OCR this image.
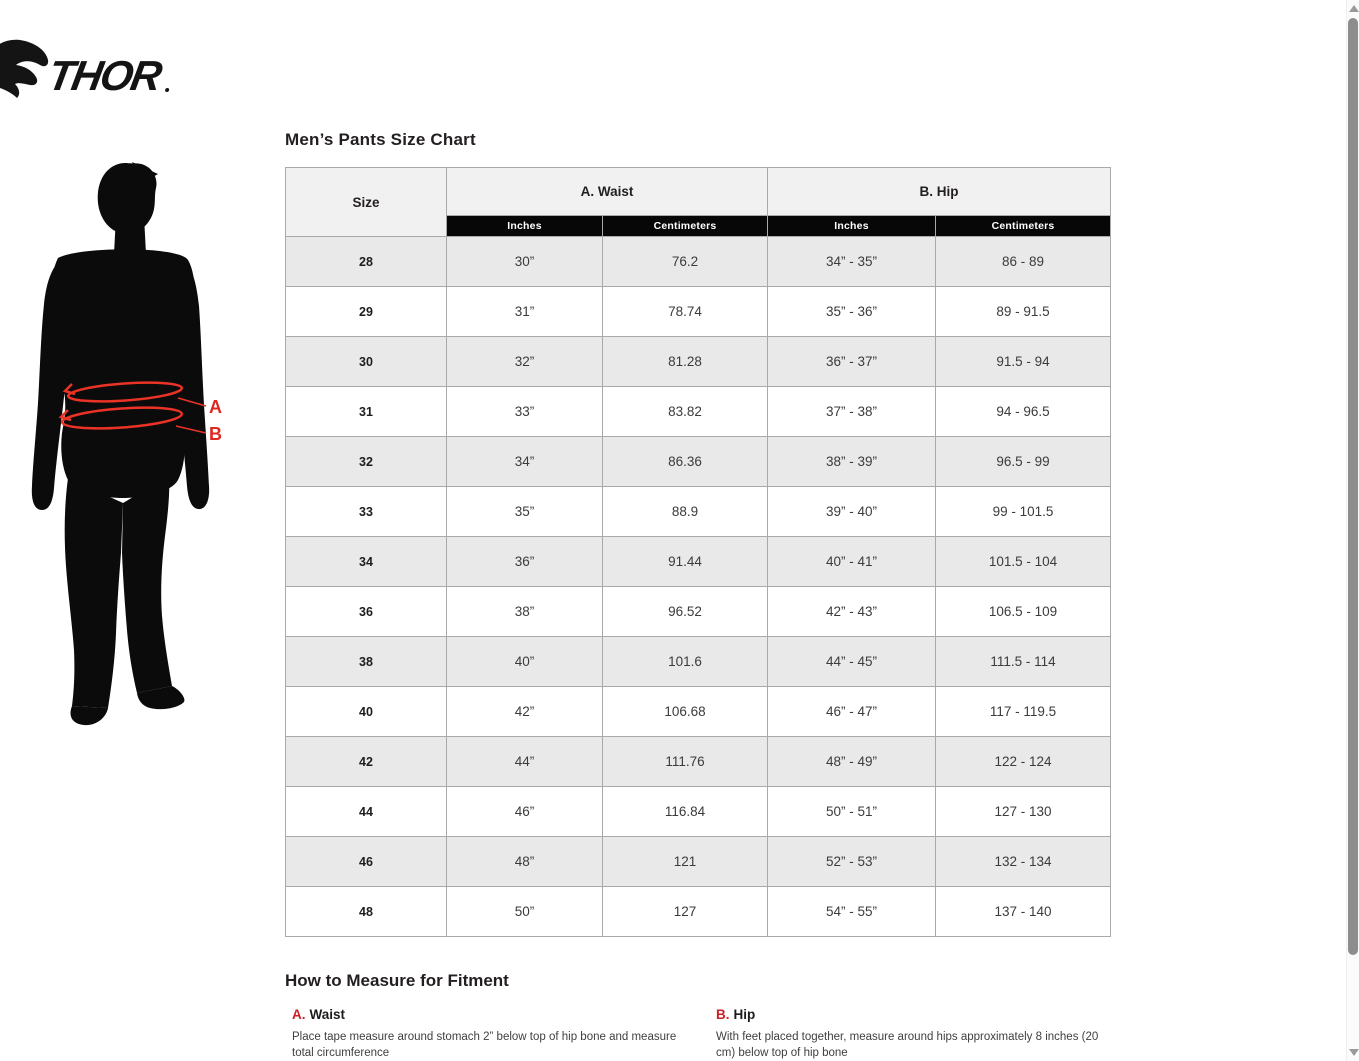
THOR
A
B
Men’s Pants Size Chart
Size	A. Waist		B. Hip	
	Inches	Centimeters	Inches	Centimeters
28	30”	76.2	34” - 35”	86 - 89
29	31”	78.74	35” - 36”	89 - 91.5
30	32”	81.28	36” - 37”	91.5 - 94
31	33”	83.82	37” - 38”	94 - 96.5
32	34”	86.36	38” - 39”	96.5 - 99
33	35”	88.9	39” - 40”	99 - 101.5
34	36”	91.44	40” - 41”	101.5 - 104
36	38”	96.52	42” - 43”	106.5 - 109
38	40”	101.6	44” - 45”	111.5 - 114
40	42”	106.68	46” - 47”	117 - 119.5
42	44”	111.76	48” - 49”	122 - 124
44	46”	116.84	50” - 51”	127 - 130
46	48”	121	52” - 53”	132 - 134
48	50”	127	54” - 55”	137 - 140
How to Measure for Fitment
A. Waist
Place tape measure around stomach 2” below top of hip bone and measure total circumference
B. Hip
With feet placed together, measure around hips approximately 8 inches (20 cm) below top of hip bone
